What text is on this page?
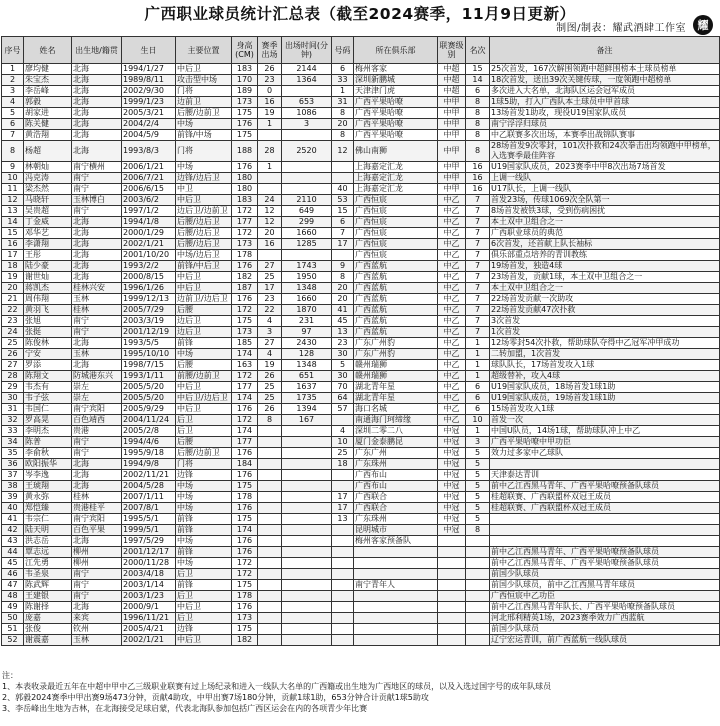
广西职业球员统计汇总表（截至2024赛季，11月9日更新）
制图/制表：耀武酒肆工作室	耀
序号	姓名	出生地/籍贯	生日	主要位置	身高(CM)	赛季出场	出场时间(分钟)	号码	所在俱乐部	联赛级别	名次	备注
1	廖均健	北海	1994/1/27	中后卫	183	26	2144	6	梅州客家	中超	15	25次首发，167次解围领跑中超鲜围榜本土球员榜单
2	朱宝杰	北海	1989/8/11	攻击型中场	170	23	1364	33	深圳新鹏城	中超	14	18次首发，送出39次关键传球，一度领跑中超榜单
3	李岳峰	北海	2002/9/30	门将	189	0		1	天津津门虎	中超	6	多次进入大名单，北海队区运会冠军成员
4	郭毅	北海	1999/1/23	边前卫	173	16	653	31	广西平果哈嘹	中甲	8	1球5助，打入广西队本土球员中甲首球
5	胡家进	北海	2005/3/21	后腰/边前卫	175	19	1086	8	广西平果哈嘹	中甲	8	13场首发1助攻，现役U19国家队成员
6	陈关健	北海	2004/2/4	中场	176	1	3	20	广西平果哈嘹	中甲	8	南宁浮浮归球员
7	黄浩翔	北海	2004/5/9	前锋/中场	175			8	广西平果哈嘹	中甲	8	中乙联赛多次出场，本赛季出战锦队赛事
8	杨超	北海	1993/8/3	门将	188	28	2520	12	佛山南狮	中甲	8	28场首发9次零封，101次扑救和24次拳击出均领跑中甲榜单，入选赛季最佳阵容
9	林朝灿	南宁横州	2006/1/21	中场	176	1			上海嘉定汇龙	中甲	16	U19国家队成员，2023赛季中甲8次出场7场首发
10	冯克涛	南宁	2006/7/21	边锋/边后卫	180				上海嘉定汇龙	中甲	16	上调一线队
11	梁杰然	南宁	2006/6/15	中卫	180			40	上海嘉定汇龙	中甲	16	U17队长，上调一线队
12	马晓轩	玉林博白	2003/6/2	中后卫	183	24	2110	53	广西恒宸	中乙	7	首发23场，传球1069次全队第一
13	吴贵超	南宁	1997/1/2	边后卫/边前卫	172	12	649	15	广西恒宸	中乙	7	8场首发被铁3球，受到伤病困扰
14	丁金威	北海	1994/1/8	后腰/边后卫	177	12	299	6	广西恒宸	中乙	7	本土双中卫组合之一
15	邓华艺	北海	2000/1/29	后腰/边后卫	172	20	1660	7	广西恒宸	中乙	7	广西职业球员的典范
16	李潇翔	北海	2002/1/21	后腰/边后卫	173	16	1285	17	广西恒宸	中乙	7	6次首发，还首献上队长袖标
17	王彤	北海	2001/10/20	中场/边后卫	178				广西恒宸	中乙	7	俱乐部重点培养的青训教练
18	陆少豪	北海	1993/2/2	前锋/中后卫	176	27	1743	9	广西蓝航	中乙	7	19场首发，独造4球
19	谢世灿	北海	2000/8/15	中后卫	182	25	1950	8	广西蓝航	中乙	7	23场首发，贡献1球，本土双中卫组合之一
20	蒋凯杰	桂林兴安	1996/1/26	中后卫	187	17	1348	20	广西蓝航	中乙	7	本土双中卫组合之一
21	周伟翔	玉林	1999/12/13	边前卫/边后卫	176	23	1660	20	广西蓝航	中乙	7	22场首发贡献一次助攻
22	黄羽飞	桂林	2005/7/29	后腰	172	22	1870	41	广西蓝航	中乙	7	22场首发贡献47次扑救
23	张旭	南宁	2003/3/19	边后卫	175	4	231	45	广西蓝航	中乙	7	3次首发
24	张挺	南宁	2001/12/19	边后卫	173	3	97	13	广西蓝航	中乙	7	1次首发
25	陈俊林	北海	1993/5/5	前锋	185	27	2430	23	广东广州豹	中乙	1	12场零封54次扑救，帮助球队夺得中乙冠军冲甲成功
26	宁安	玉林	1995/10/10	中场	174	4	128	30	广东广州豹	中乙	1	二转加盟，1次首发
27	罗添	北海	1998/7/15	后腰	163	19	1348	5	赣州瑞狮	中乙	1	球队队长，17场首发攻入1球
28	陈翔文	防城港东兴	1993/1/11	前腰/边前卫	172	26	651	30	赣州瑞狮	中乙	1	超级替补，攻入4球
29	韦杰有	崇左	2005/5/20	中后卫	177	25	1637	70	湖北青年星	中乙	6	U19国家队成员，18场首发1球1助
30	韦子弦	崇左	2005/5/20	中后卫/边后卫	174	25	1735	64	湖北青年星	中乙	6	U19国家队成员，19场首发1球1助
31	韦国仁	南宁宾阳	2005/9/29	中后卫	176	26	1394	57	海口名城	中乙	6	15场首发攻入1球
32	罗高晃	百色靖西	2004/11/24	后卫	172	8	167		南通海门珂缔缘	中乙	10	首发一次
33	李明杰	贵港	2005/2/8	后卫	174			4	深圳二零二八	中冠	1	中国U队员，14场1球，帮助球队冲上中乙
34	陈普	南宁	1994/4/6	后腰	177			10	厦门金泰鹏昆	中冠	3	广西平果哈嘹中甲功臣
35	李俞秋	南宁	1995/9/18	后腰/边前卫	176			25	广东广州	中冠	5	效力过多家中乙球队
36	欧阳振华	北海	1994/9/8	门将	184			18	广东珠州	中冠	5	
37	岑李逸	北海	2002/11/21	边锋	176				广西布山	中冠	5	天津泰达青训
38	王琥翔	北海	2004/5/28	中场	175				广西布山	中冠	5	前中乙江西黑马青年、广西平果哈嘹预备队球员
39	黄永弥	桂林	2007/1/11	中场	178			17	广西联合	中冠	5	桂超联赛、广西联盟杯双冠王成员
40	郑恺臻	贵港桂平	2007/8/1	中场	176			17	广西联合	中冠	5	桂超联赛、广西联盟杯双冠王成员
41	韦宗仁	南宁宾阳	1995/5/1	前锋	175			13	广东珠州	中冠	5	
42	陆天明	百色平果	1999/5/1	前锋	174				昆明城市	中冠	8	
43	洪志岳	北海	1997/5/29	中场	176				梅州客家预备队			
44	覃志远	柳州	2001/12/17	前锋	176							前中乙江西黑马青年、广西平果哈嘹预备队球员
45	江先勇	柳州	2000/11/28	中场	172							前中乙江西黑马青年、广西平果哈嘹预备队球员
46	韦圣泉	南宁	2003/4/18	后卫	172							前国少队球员
47	陈武辉	南宁	2003/1/14	前锋	175				南宁青年人			前国少队球员，前中乙江西黑马青年球员
48	王建银	南宁	2003/1/23	后卫	178							广西恒宸中乙功臣
49	陈谢择	北海	2000/9/1	中后卫	176							前中乙江西黑马青年队长、广西平果哈嘹预备队球员
50	庞嘉	来宾	1996/11/21	后卫	173							河北邢利精英1场，2023赛季效力广西蓝航
51	张俊	钦州	2005/4/21	边锋	175							前国少队球员
52	谢震嘉	玉林	2002/1/21	中后卫	182							辽宁宏运青训，前广西蓝航一线队球员
注：
1、本表收录最近五年在中超中甲中乙三级职业联赛有过上场纪录和进入一线队大名单的广西籍或出生地为广西地区的球员，以及入选过国字号的成年队球员
2、郭毅2024赛季中甲出赛9场473分钟，贡献4助攻，中甲出赛7场180分钟，贡献1球1助，653分钟合计贡献1球5助攻
3、李岳峰出生地为吉林，在北海接受足球启蒙，代表北海队参加包括广西区运会在内的各项青少年比赛
